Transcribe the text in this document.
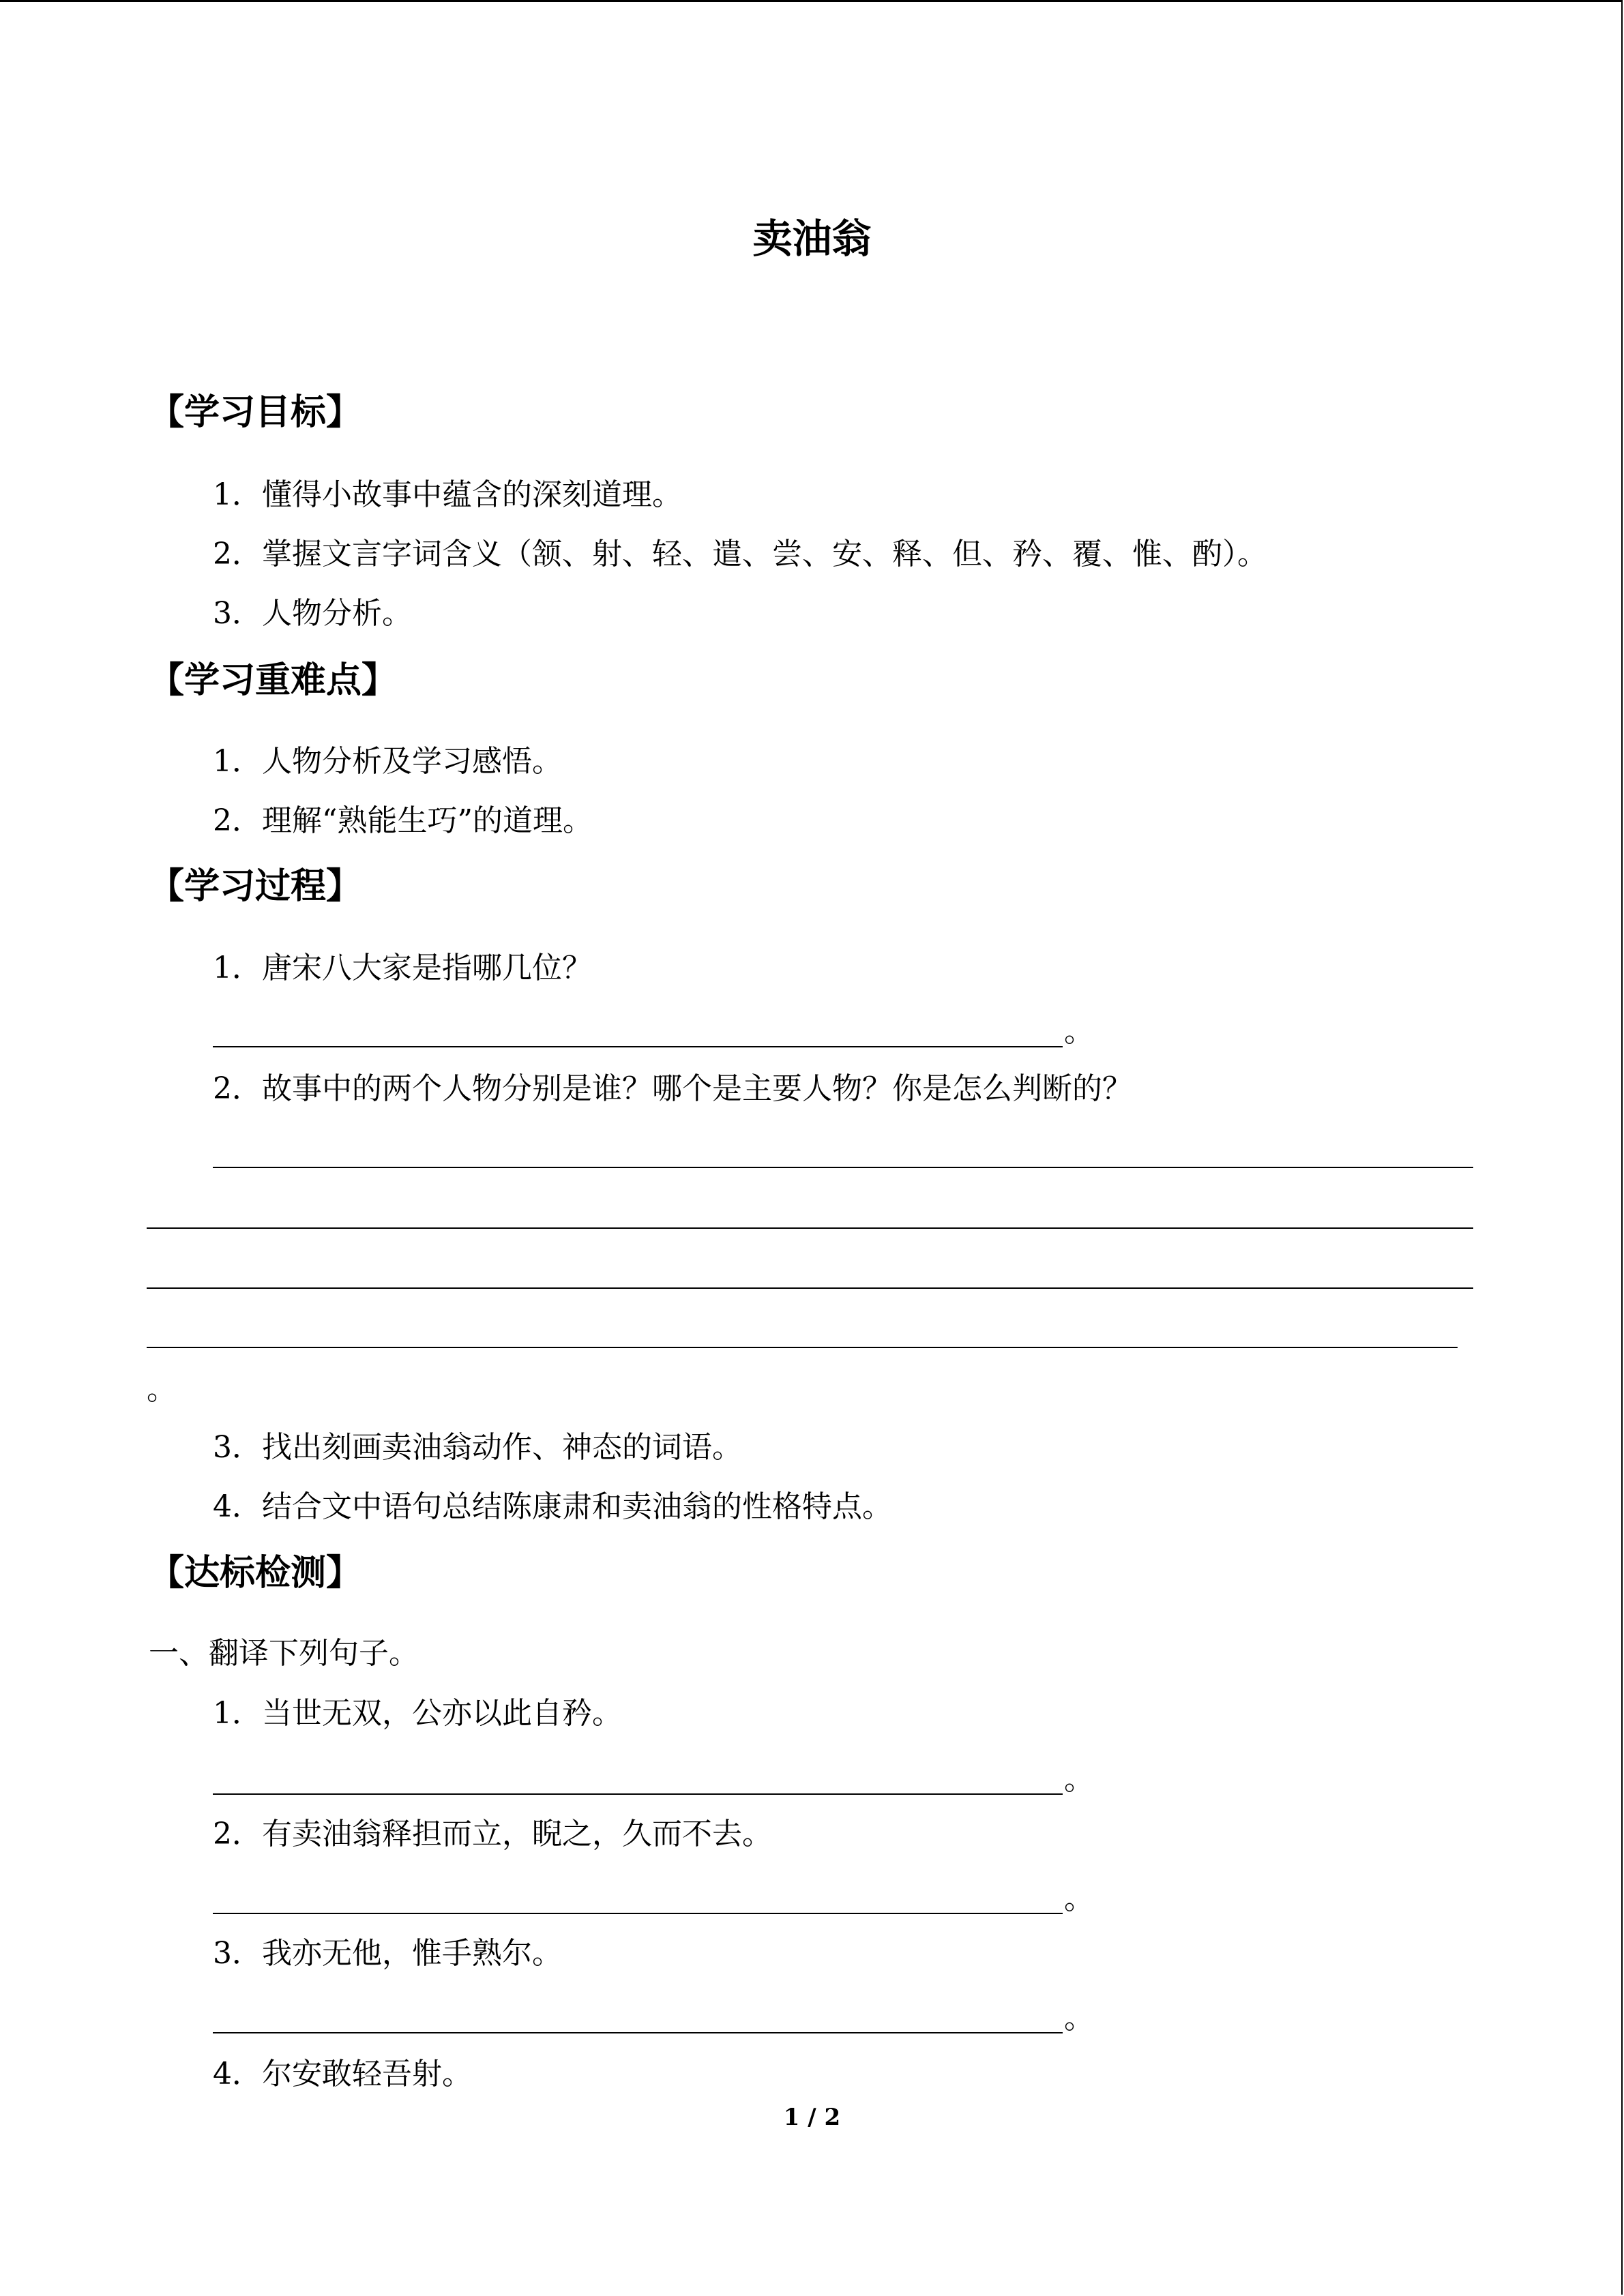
卖油翁
【学习目标】
1．懂得小故事中蕴含的深刻道理。
2．掌握文言字词含义（颔、射、轻、遣、尝、安、释、但、矜、覆、惟、酌）。
3．人物分析。
【学习重难点】
1．人物分析及学习感悟。
2．理解“熟能生巧”的道理。
【学习过程】
1．唐宋八大家是指哪几位？
。
2．故事中的两个人物分别是谁？哪个是主要人物？你是怎么判断的？
。
3．找出刻画卖油翁动作、神态的词语。
4．结合文中语句总结陈康肃和卖油翁的性格特点。
【达标检测】
一、翻译下列句子。
1．当世无双，公亦以此自矜。
。
2．有卖油翁释担而立，睨之，久而不去。
。
3．我亦无他，惟手熟尔。
。
4．尔安敢轻吾射。
1 / 2
